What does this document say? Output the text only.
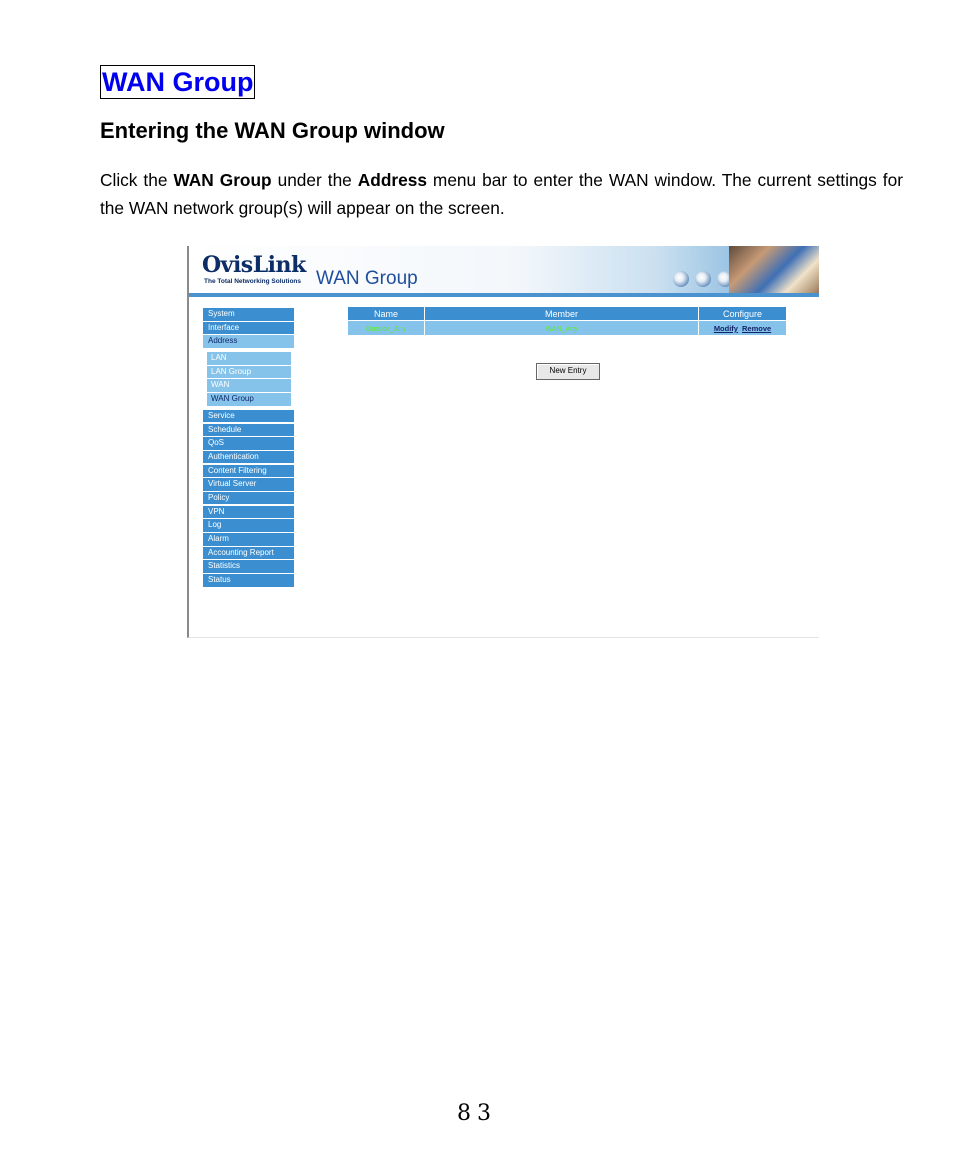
WAN Group
Entering the WAN Group window

Click the WAN Group under the Address menu bar to enter the WAN window. The current settings for the WAN network group(s) will appear on the screen.

OvisLink
The Total Networking Solutions WAN Group
System
Interface
Address
LAN
LAN Group
WAN
WAN Group
Service
Schedule
QoS
Authentication
Content Filtering
Virtual Server
Policy
VPN
Log
Alarm
Accounting Report
Statistics
Status
Name	Member	Configure
Outside_Any	WAN_Any	Modify Remove
New Entry
83
